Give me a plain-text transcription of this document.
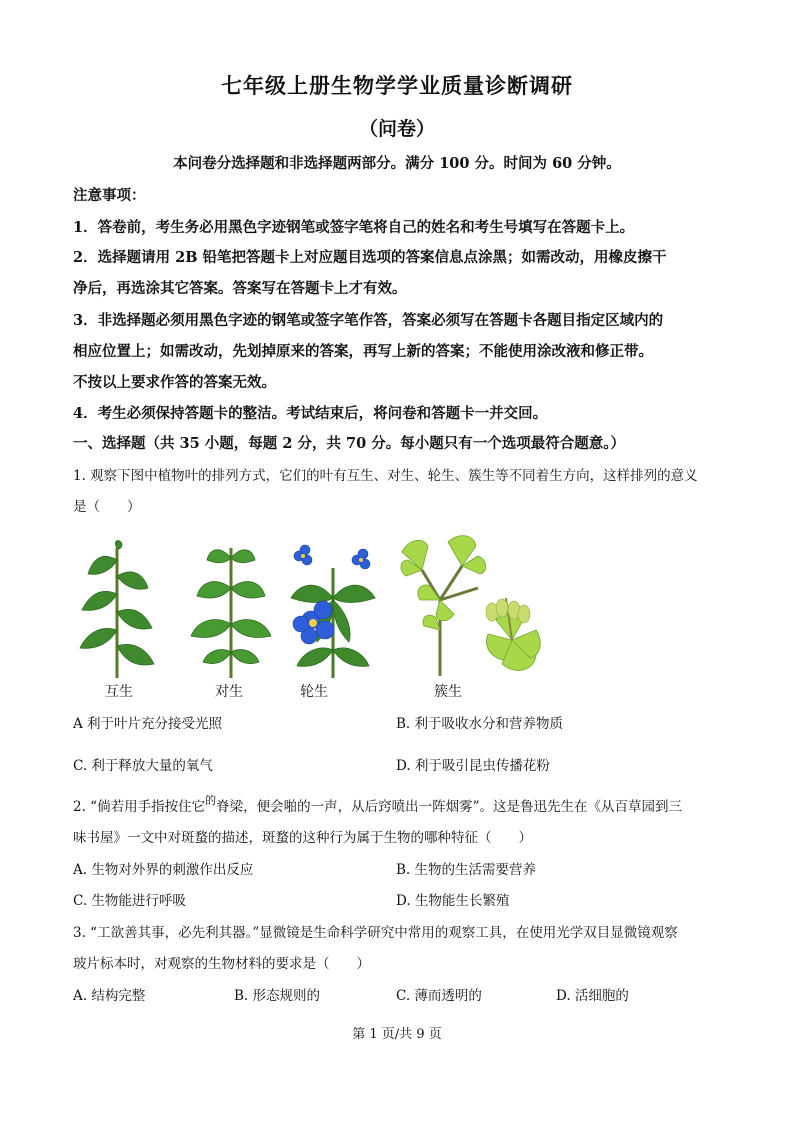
七年级上册生物学学业质量诊断调研
（问卷）
本问卷分选择题和非选择题两部分。满分 100 分。时间为 60 分钟。
注意事项：
1．答卷前，考生务必用黑色字迹钢笔或签字笔将自己的姓名和考生号填写在答题卡上。
2．选择题请用 2B 铅笔把答题卡上对应题目选项的答案信息点涂黑；如需改动，用橡皮擦干
净后，再选涂其它答案。答案写在答题卡上才有效。
3．非选择题必须用黑色字迹的钢笔或签字笔作答，答案必须写在答题卡各题目指定区域内的
相应位置上；如需改动，先划掉原来的答案，再写上新的答案；不能使用涂改液和修正带。
不按以上要求作答的答案无效。
4．考生必须保持答题卡的整洁。考试结束后，将问卷和答题卡一并交回。
一、选择题（共 35 小题，每题 2 分，共 70 分。每小题只有一个选项最符合题意。）
1. 观察下图中植物叶的排列方式，它们的叶有互生、对生、轮生、簇生等不同着生方向，这样排列的意义
是（　　）
互生	对生	轮生	簇生
A 利于叶片充分接受光照	B. 利于吸收水分和营养物质
C. 利于释放大量的氧气	D. 利于吸引昆虫传播花粉
2. “倘若用手指按住它$^的$脊梁，便会啪的一声，从后窍喷出一阵烟雾”。这是鲁迅先生在《从百草园到三
味书屋》一文中对斑蝥的描述，斑蝥的这种行为属于生物的哪种特征（　　）
A. 生物对外界的刺激作出反应	B. 生物的生活需要营养
C. 生物能进行呼吸	D. 生物能生长繁殖
3. “工欲善其事，必先利其器。”显微镜是生命科学研究中常用的观察工具，在使用光学双目显微镜观察
玻片标本时，对观察的生物材料的要求是（　　）
A. 结构完整	B. 形态规则的	C. 薄而透明的	D. 活细胞的
第 1 页/共 9 页
